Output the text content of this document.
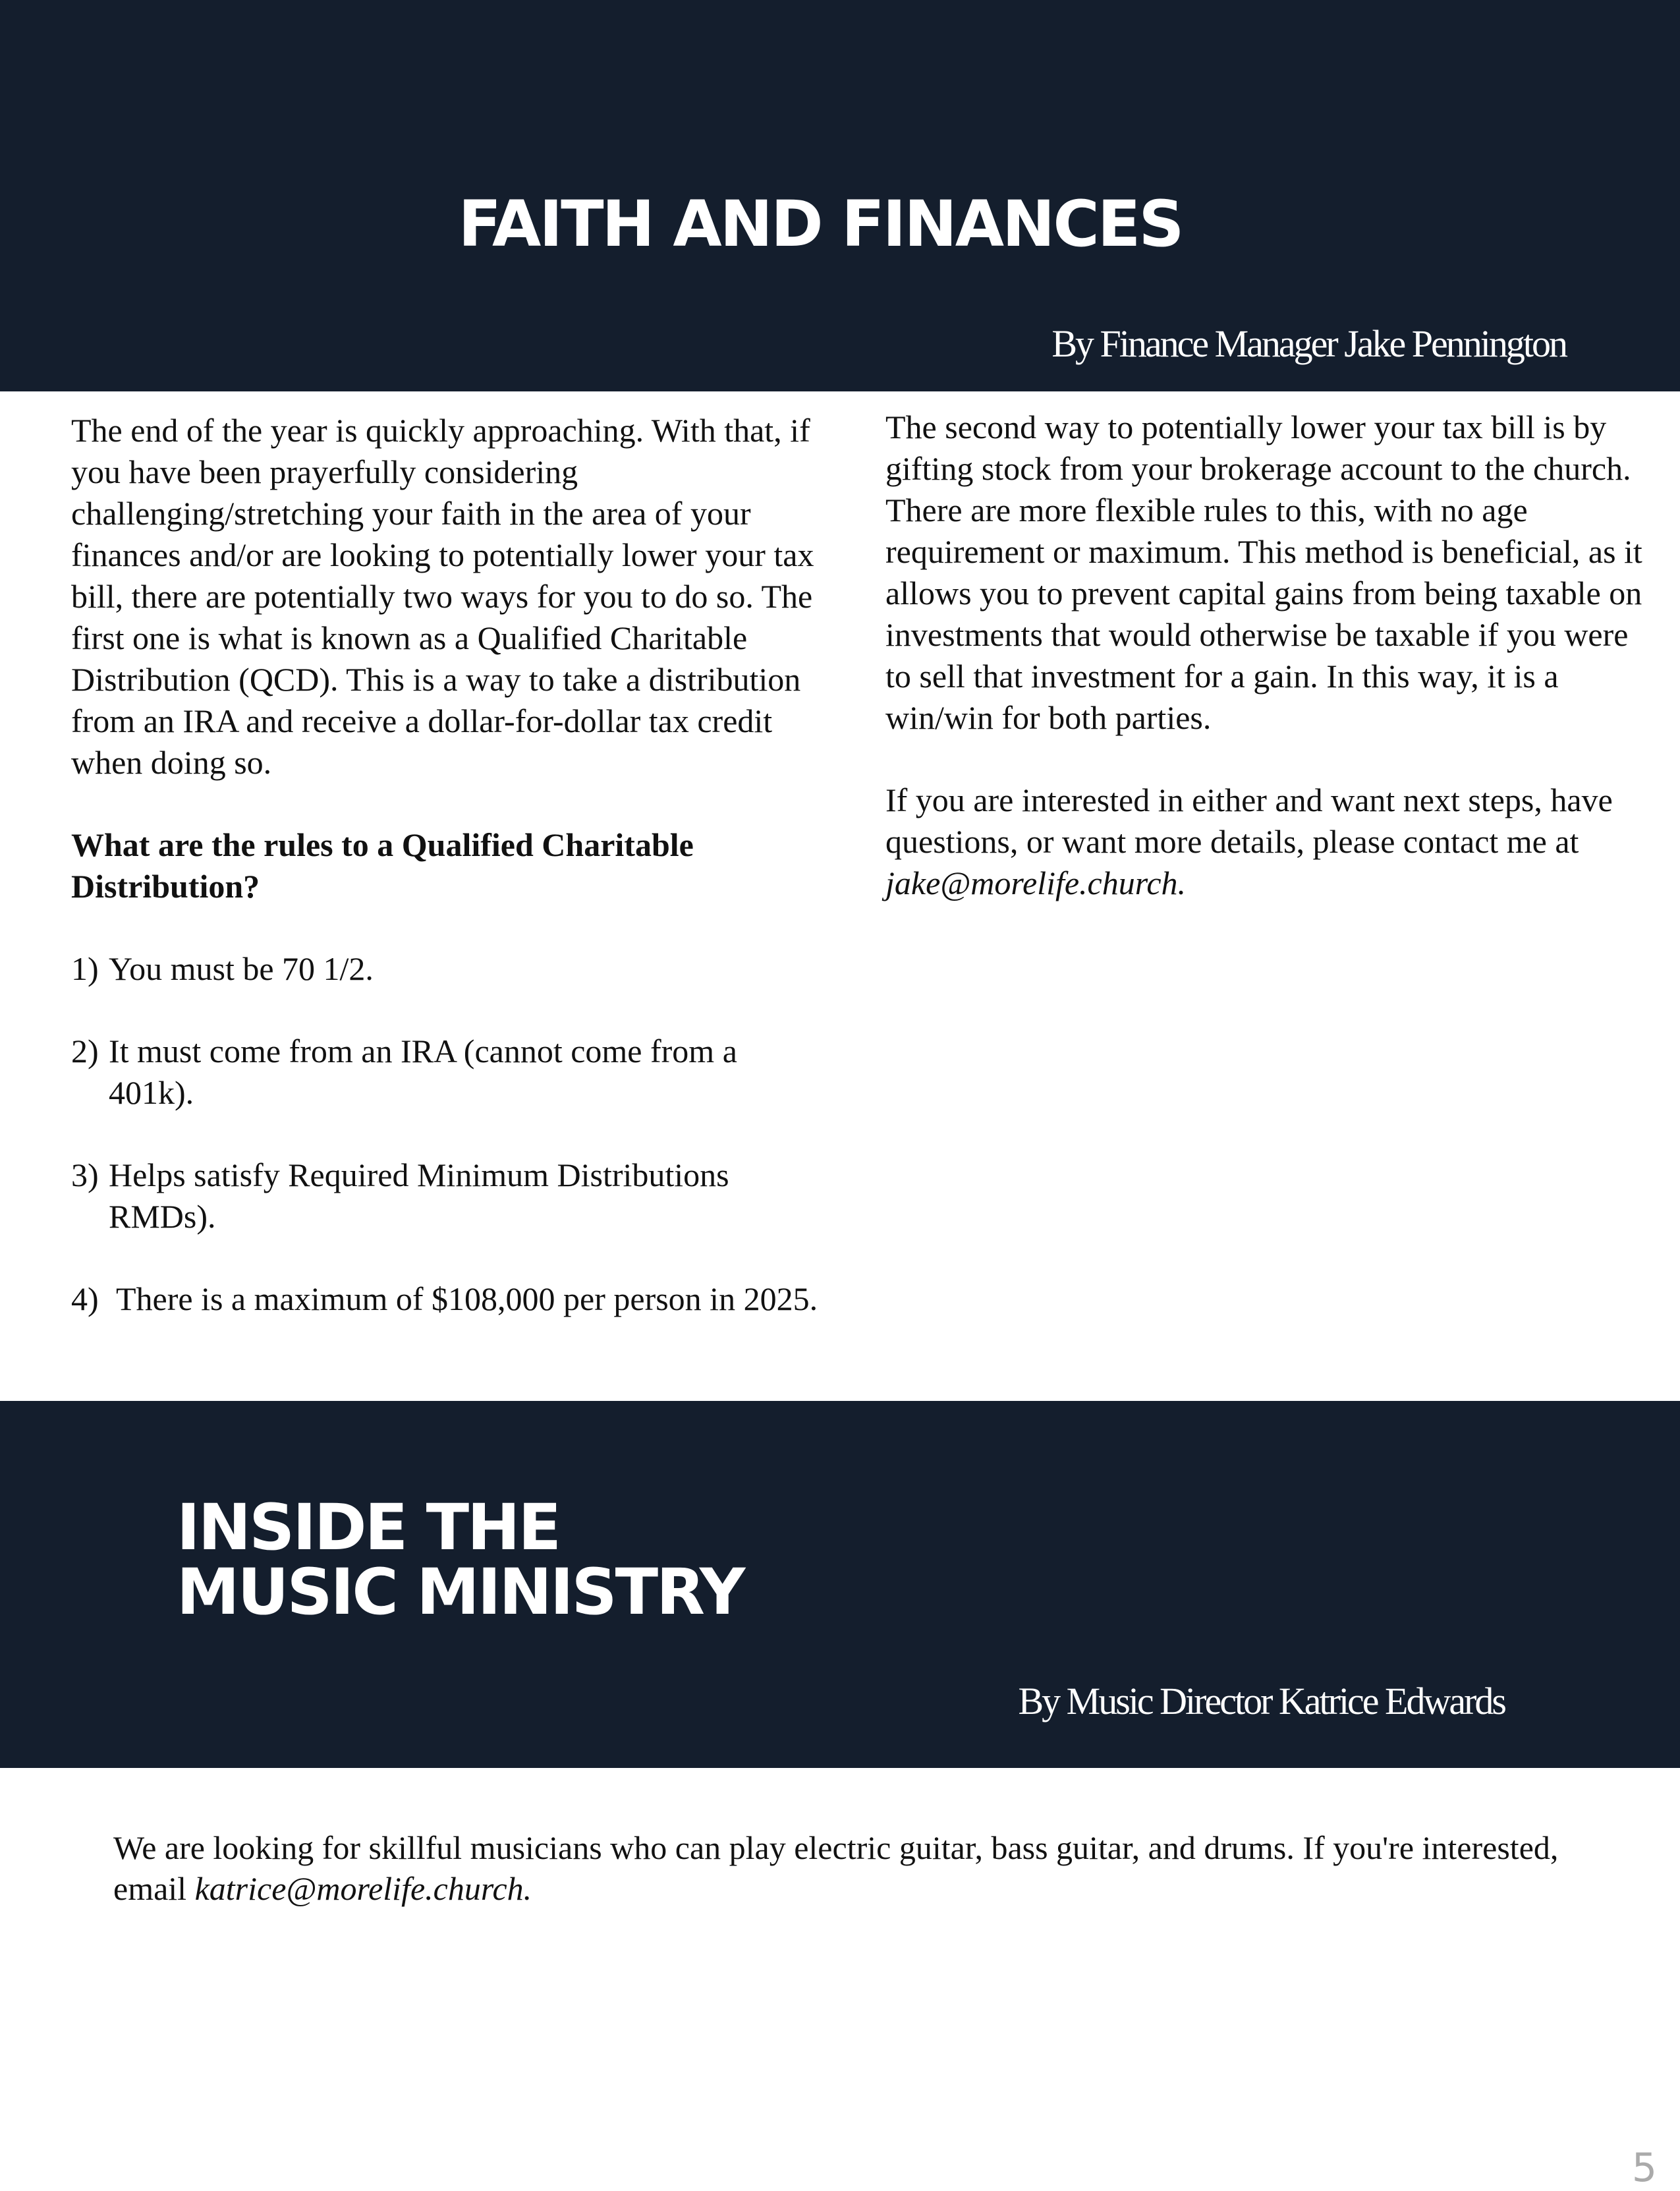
FAITH AND FINANCES
By Finance Manager Jake Pennington

The end of the year is quickly approaching. With that, if you have been prayerfully considering challenging/stretching your faith in the area of your finances and/or are looking to potentially lower your tax bill, there are potentially two ways for you to do so. The first one is what is known as a Qualified Charitable Distribution (QCD). This is a way to take a distribution from an IRA and receive a dollar-for-dollar tax credit when doing so.

What are the rules to a Qualified Charitable Distribution?

1) You must be 70 1/2.

2) It must come from an IRA (cannot come from a 401k).

3) Helps satisfy Required Minimum Distributions RMDs).

4) There is a maximum of $108,000 per person in 2025.

The second way to potentially lower your tax bill is by gifting stock from your brokerage account to the church. There are more flexible rules to this, with no age requirement or maximum. This method is beneficial, as it allows you to prevent capital gains from being taxable on investments that would otherwise be taxable if you were to sell that investment for a gain. In this way, it is a win/win for both parties.

If you are interested in either and want next steps, have questions, or want more details, please contact me at jake@morelife.church.

INSIDE THE
MUSIC MINISTRY
By Music Director Katrice Edwards

We are looking for skillful musicians who can play electric guitar, bass guitar, and drums. If you're interested, email katrice@morelife.church.

5
